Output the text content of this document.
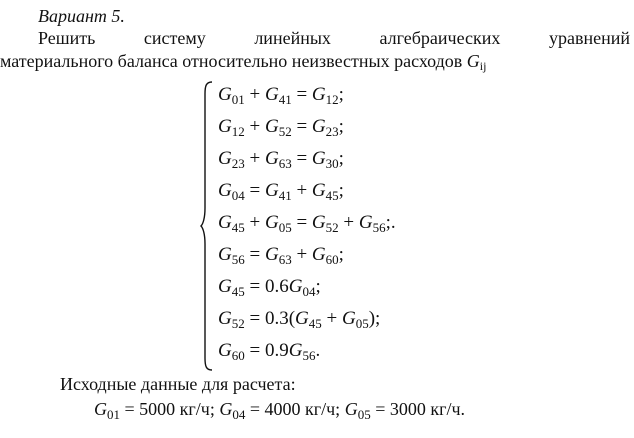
Вариант 5.
Решить	систему	линейных	алгебраических	уравнений
материального баланса относительно неизвестных расходов $G_{ij}$
$G_{01} + G_{41} = G_{12}$;
$G_{12} + G_{52} = G_{23}$;
$G_{23} + G_{63} = G_{30}$;
$G_{04} = G_{41} + G_{45}$;
$G_{45} + G_{05} = G_{52} + G_{56}$;.
$G_{56} = G_{63} + G_{60}$;
$G_{45} = 0.6G_{04}$;
$G_{52} = 0.3(G_{45} + G_{05})$;
$G_{60} = 0.9G_{56}$.
Исходные данные для расчета:
$G_{01} = 5000$ кг/ч; $G_{04} = 4000$ кг/ч; $G_{05} = 3000$ кг/ч.
